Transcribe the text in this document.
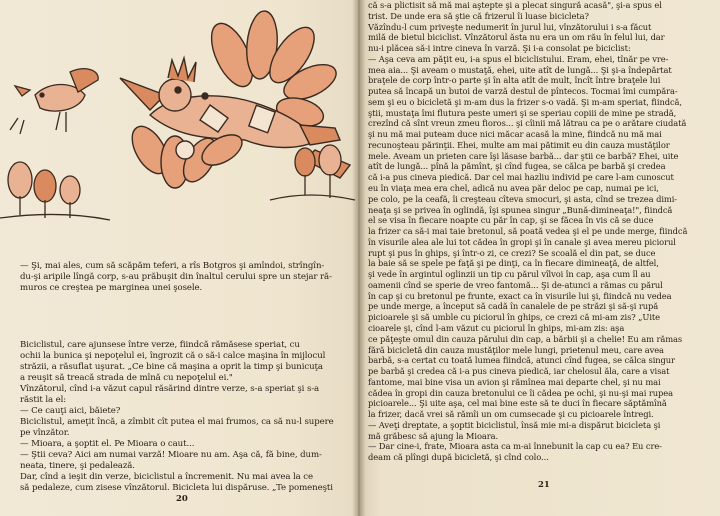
— Şi, mai ales, cum să scăpăm teferi, a rîs Botgros şi amîndoi, strîngîn-
du-şi aripile lîngă corp, s-au prăbuşit din înaltul cerului spre un stejar ră-
muros ce creştea pe marginea unei şosele.
Biciclistul, care ajunsese între verze, fiindcă rămăsese speriat, cu
ochii la bunica şi nepoţelul ei, îngrozit că o să-i calce maşina în mijlocul
străzii, a răsuflat uşurat. „Ce bine că maşina a oprit la timp şi bunicuţa
a reuşit să treacă strada de mînă cu nepoţelul ei."
Vînzătorul, cînd i-a văzut capul răsărind dintre verze, s-a speriat şi s-a
răstit la el:
— Ce cauţi aici, băiete?
Biciclistul, ameţit încă, a zîmbit cît putea el mai frumos, ca să nu-l supere
pe vînzător.
— Mioara, a şoptit el. Pe Mioara o caut...
— Ştii ceva? Aici am numai varză! Mioare nu am. Aşa că, fă bine, dum-
neata, tinere, şi pedalează.
Dar, cînd a ieşit din verze, biciclistul a încremenit. Nu mai avea la ce
să pedaleze, cum zisese vînzătorul. Bicicleta lui dispăruse. „Te pomeneşti
20
că s-a plictisit să mă mai aştepte şi a plecat singură acasă", şi-a spus el
trist. De unde era să ştie că frizerul îi luase bicicleta?
Văzîndu-l cum priveşte nedumerit în jurul lui, vînzătorului i s-a făcut
milă de bietul biciclist. Vînzătorul ăsta nu era un om rău în felul lui, dar
nu-i plăcea să-i intre cineva în varză. Şi i-a consolat pe biciclist:
— Aşa ceva am păţit eu, i-a spus el biciclistului. Eram, ehei, tînăr pe vre-
mea aia... Şi aveam o mustaţă, ehei, uite atît de lungă... Şi şi-a îndepărtat
braţele de corp într-o parte şi în alta atît de mult, încît între braţele lui
putea să încapă un butoi de varză destul de pîntecos. Tocmai îmi cumpăra-
sem şi eu o bicicletă şi m-am dus la frizer s-o vadă. Şi m-am speriat, fiindcă,
ştii, mustaţa îmi flutura peste umeri şi se speriau copiii de mine pe stradă,
crezînd că sînt vreun zmeu fioros... şi cîinii mă lătrau ca pe o arătare ciudată
şi nu mă mai puteam duce nici măcar acasă la mine, fiindcă nu mă mai
recunoşteau părinţii. Ehei, multe am mai pătimit eu din cauza mustăţilor
mele. Aveam un prieten care îşi lăsase barbă... dar ştii ce barbă? Ehei, uite
atît de lungă... pînă la pămînt, şi cînd fugea, se călca pe barbă şi credea
că i-a pus cineva piedică. Dar cel mai hazliu individ pe care l-am cunoscut
eu în viaţa mea era chel, adică nu avea păr deloc pe cap, numai pe ici,
pe colo, pe la ceafă, îi creşteau cîteva smocuri, şi asta, cînd se trezea dimi-
neaţa şi se privea în oglindă, îşi spunea singur „Bună-dimineaţa!", fiindcă
el se visa în fiecare noapte cu păr în cap, şi se făcea în vis că se duce
la frizer ca să-i mai taie bretonul, să poată vedea şi el pe unde merge, fiindcă
în visurile alea ale lui tot cădea în gropi şi în canale şi avea mereu piciorul
rupt şi pus în ghips, şi într-o zi, ce crezi? Se scoală el din pat, se duce
la baie să se spele pe faţă şi pe dinţi, ca în fiecare dimineaţă, de altfel,
şi vede în argintul oglinzii un tip cu părul vîlvoi în cap, aşa cum îl au
oamenii cînd se sperie de vreo fantomă... Şi de-atunci a rămas cu părul
în cap şi cu bretonul pe frunte, exact ca în visurile lui şi, fiindcă nu vedea
pe unde merge, a început să cadă în canalele de pe străzi şi să-şi rupă
picioarele şi să umble cu piciorul în ghips, ce crezi că mi-am zis? „Uite
cioarele şi, cînd l-am văzut cu piciorul în ghips, mi-am zis: aşa
ce păţeşte omul din cauza părului din cap, a bărbii şi a chelie! Eu am rămas
fără bicicletă din cauza mustăţilor mele lungi, prietenul meu, care avea
barbă, s-a certat cu toată lumea fiindcă, atunci cînd fugea, se călca singur
pe barbă şi credea că i-a pus cineva piedică, iar chelosul ăla, care a visat
fantome, mai bine visa un avion şi rămînea mai departe chel, şi nu mai
cădea în gropi din cauza bretonului ce îi cădea pe ochi, şi nu-şi mai rupea
picioarele... Şi uite aşa, cel mai bine este să te duci în fiecare săptămînă
la frizer, dacă vrei să rămîi un om cumsecade şi cu picioarele întregi.
— Aveţi dreptate, a şoptit biciclistul, însă mie mi-a dispărut bicicleta şi
mă grăbesc să ajung la Mioara.
— Dar cine-i, frate, Mioara asta ca m-ai înnebunit la cap cu ea? Eu cre-
deam că plîngi după bicicletă, şi cînd colo...
21
